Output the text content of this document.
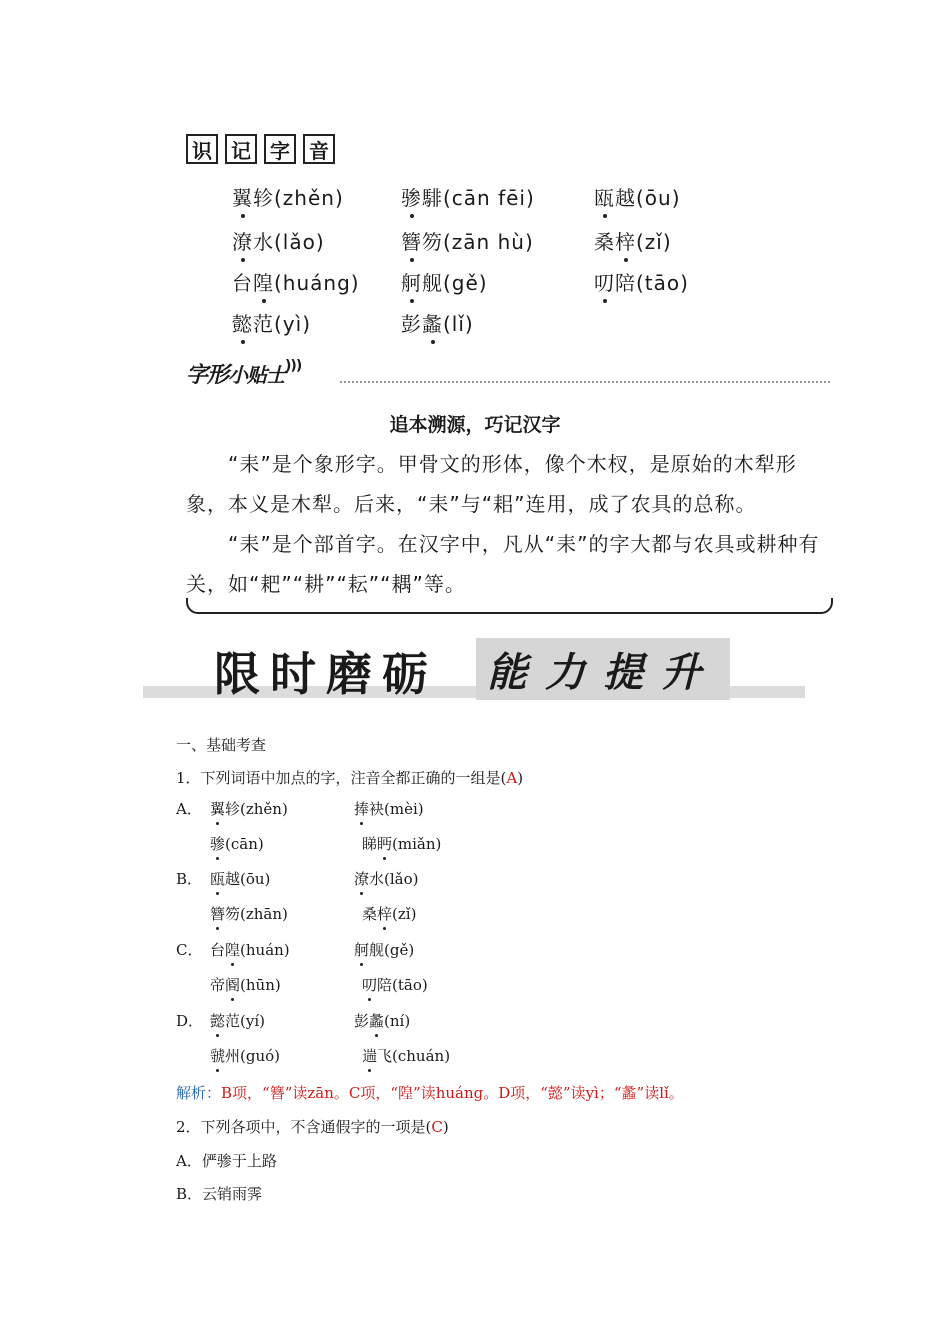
识 记 字 音
翼轸(zhěn)	骖騑(cān fēi)	瓯越(ōu)
潦水(lǎo)	簪笏(zān hù)	桑梓(zǐ)
台隍(huáng) 舸舰(gě)	叨陪(tāo)
懿范(yì)	彭蠡(lǐ)
字形小贴士)))
追本溯源，巧记汉字
“耒”是个象形字。甲骨文的形体，像个木杈，是原始的木犁形象，本义是木犁。后来，“耒”与“耜”连用，成了农具的总称。
“耒”是个部首字。在汉字中，凡从“耒”的字大都与农具或耕种有关，如“耙”“耕”“耘”“耦”等。
限时磨砺 能力提升
一、基础考查
1．下列词语中加点的字，注音全都正确的一组是(A)
A． 翼轸(zhěn)	捧袂(mèi)
骖(cān)	睇眄(miǎn)
B． 瓯越(ōu)	潦水(lǎo)
簪笏(zhān)	桑梓(zǐ)
C． 台隍(huán)	舸舰(gě)
帝阍(hūn)	叨陪(tāo)
D． 懿范(yí)	彭蠡(ní)
虢州(guó)	遄飞(chuán)
解析：B项，“簪”读zān。C项，“隍”读huáng。D项，“懿”读yì；“蠡”读lǐ。
2．下列各项中，不含通假字的一项是(C)
A．俨骖于上路
B．云销雨霁
